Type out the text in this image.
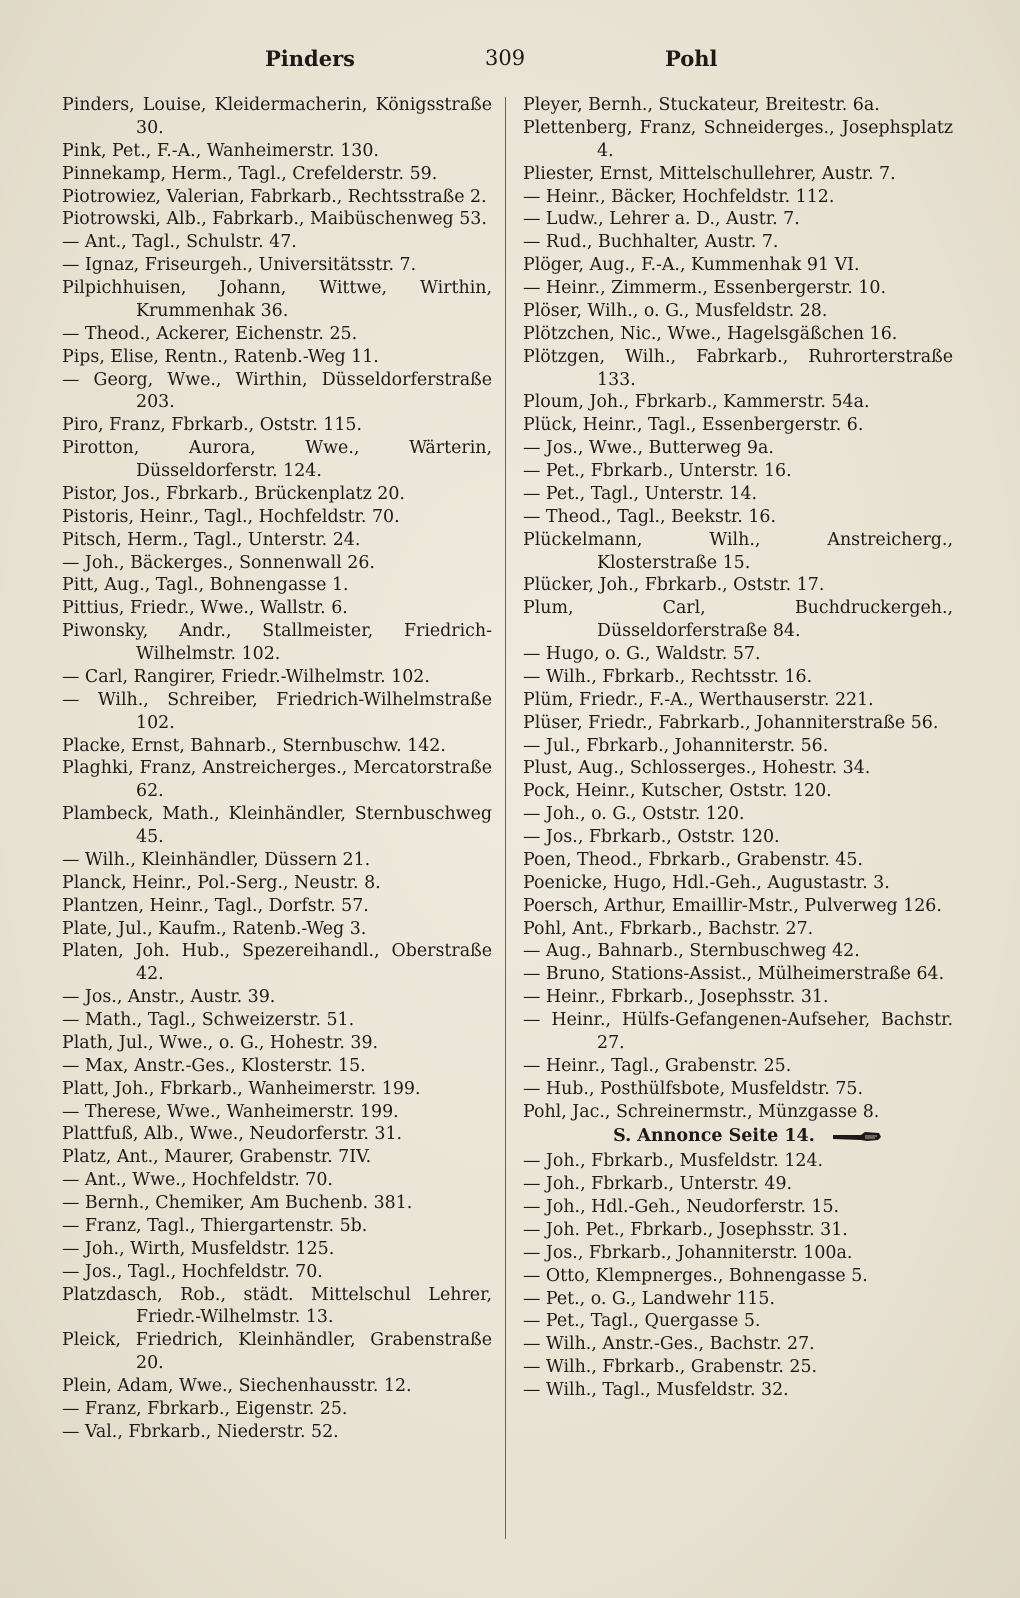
Pinders	309	Pohl

Pinders, Louise, Kleidermacherin, Königsstraße 30.

Pink, Pet., F.-A., Wanheimerstr. 130.

Pinnekamp, Herm., Tagl., Crefelderstr. 59.

Piotrowiez, Valerian, Fabrkarb., Rechtsstraße 2.

Piotrowski, Alb., Fabrkarb., Maibüschenweg 53.

— Ant., Tagl., Schulstr. 47.

— Ignaz, Friseurgeh., Universitätsstr. 7.

Pilpichhuisen, Johann, Wittwe, Wirthin, Krummenhak 36.

— Theod., Ackerer, Eichenstr. 25.

Pips, Elise, Rentn., Ratenb.-Weg 11.

— Georg, Wwe., Wirthin, Düsseldorferstraße 203.

Piro, Franz, Fbrkarb., Oststr. 115.

Pirotton, Aurora, Wwe., Wärterin, Düsseldorferstr. 124.

Pistor, Jos., Fbrkarb., Brückenplatz 20.

Pistoris, Heinr., Tagl., Hochfeldstr. 70.

Pitsch, Herm., Tagl., Unterstr. 24.

— Joh., Bäckerges., Sonnenwall 26.

Pitt, Aug., Tagl., Bohnengasse 1.

Pittius, Friedr., Wwe., Wallstr. 6.

Piwonsky, Andr., Stallmeister, Friedrich-Wilhelmstr. 102.

— Carl, Rangirer, Friedr.-Wilhelmstr. 102.

— Wilh., Schreiber, Friedrich-Wilhelmstraße 102.

Placke, Ernst, Bahnarb., Sternbuschw. 142.

Plaghki, Franz, Anstreicherges., Mercatorstraße 62.

Plambeck, Math., Kleinhändler, Sternbuschweg 45.

— Wilh., Kleinhändler, Düssern 21.

Planck, Heinr., Pol.-Serg., Neustr. 8.

Plantzen, Heinr., Tagl., Dorfstr. 57.

Plate, Jul., Kaufm., Ratenb.-Weg 3.

Platen, Joh. Hub., Spezereihandl., Oberstraße 42.

— Jos., Anstr., Austr. 39.

— Math., Tagl., Schweizerstr. 51.

Plath, Jul., Wwe., o. G., Hohestr. 39.

— Max, Anstr.-Ges., Klosterstr. 15.

Platt, Joh., Fbrkarb., Wanheimerstr. 199.

— Therese, Wwe., Wanheimerstr. 199.

Plattfuß, Alb., Wwe., Neudorferstr. 31.

Platz, Ant., Maurer, Grabenstr. 7IV.

— Ant., Wwe., Hochfeldstr. 70.

— Bernh., Chemiker, Am Buchenb. 381.

— Franz, Tagl., Thiergartenstr. 5b.

— Joh., Wirth, Musfeldstr. 125.

— Jos., Tagl., Hochfeldstr. 70.

Platzdasch, Rob., städt. Mittelschul Lehrer, Friedr.-Wilhelmstr. 13.

Pleick, Friedrich, Kleinhändler, Grabenstraße 20.

Plein, Adam, Wwe., Siechenhausstr. 12.

— Franz, Fbrkarb., Eigenstr. 25.

— Val., Fbrkarb., Niederstr. 52.

Pleyer, Bernh., Stuckateur, Breitestr. 6a.

Plettenberg, Franz, Schneiderges., Josephsplatz 4.

Pliester, Ernst, Mittelschullehrer, Austr. 7.

— Heinr., Bäcker, Hochfeldstr. 112.

— Ludw., Lehrer a. D., Austr. 7.

— Rud., Buchhalter, Austr. 7.

Plöger, Aug., F.-A., Kummenhak 91 VI.

— Heinr., Zimmerm., Essenbergerstr. 10.

Plöser, Wilh., o. G., Musfeldstr. 28.

Plötzchen, Nic., Wwe., Hagelsgäßchen 16.

Plötzgen, Wilh., Fabrkarb., Ruhrorterstraße 133.

Ploum, Joh., Fbrkarb., Kammerstr. 54a.

Plück, Heinr., Tagl., Essenbergerstr. 6.

— Jos., Wwe., Butterweg 9a.

— Pet., Fbrkarb., Unterstr. 16.

— Pet., Tagl., Unterstr. 14.

— Theod., Tagl., Beekstr. 16.

Plückelmann, Wilh., Anstreicherg., Klosterstraße 15.

Plücker, Joh., Fbrkarb., Oststr. 17.

Plum, Carl, Buchdruckergeh., Düsseldorferstraße 84.

— Hugo, o. G., Waldstr. 57.

— Wilh., Fbrkarb., Rechtsstr. 16.

Plüm, Friedr., F.-A., Werthauserstr. 221.

Plüser, Friedr., Fabrkarb., Johanniterstraße 56.

— Jul., Fbrkarb., Johanniterstr. 56.

Plust, Aug., Schlosserges., Hohestr. 34.

Pock, Heinr., Kutscher, Oststr. 120.

— Joh., o. G., Oststr. 120.

— Jos., Fbrkarb., Oststr. 120.

Poen, Theod., Fbrkarb., Grabenstr. 45.

Poenicke, Hugo, Hdl.-Geh., Augustastr. 3.

Poersch, Arthur, Emaillir-Mstr., Pulverweg 126.

Pohl, Ant., Fbrkarb., Bachstr. 27.

— Aug., Bahnarb., Sternbuschweg 42.

— Bruno, Stations-Assist., Mülheimerstraße 64.

— Heinr., Fbrkarb., Josephsstr. 31.

— Heinr., Hülfs-Gefangenen-Aufseher, Bachstr. 27.

— Heinr., Tagl., Grabenstr. 25.

— Hub., Posthülfsbote, Musfeldstr. 75.

Pohl, Jac., Schreinermstr., Münzgasse 8.

S. Annonce Seite 14.

— Joh., Fbrkarb., Musfeldstr. 124.

— Joh., Fbrkarb., Unterstr. 49.

— Joh., Hdl.-Geh., Neudorferstr. 15.

— Joh. Pet., Fbrkarb., Josephsstr. 31.

— Jos., Fbrkarb., Johanniterstr. 100a.

— Otto, Klempnerges., Bohnengasse 5.

— Pet., o. G., Landwehr 115.

— Pet., Tagl., Quergasse 5.

— Wilh., Anstr.-Ges., Bachstr. 27.

— Wilh., Fbrkarb., Grabenstr. 25.

— Wilh., Tagl., Musfeldstr. 32.
